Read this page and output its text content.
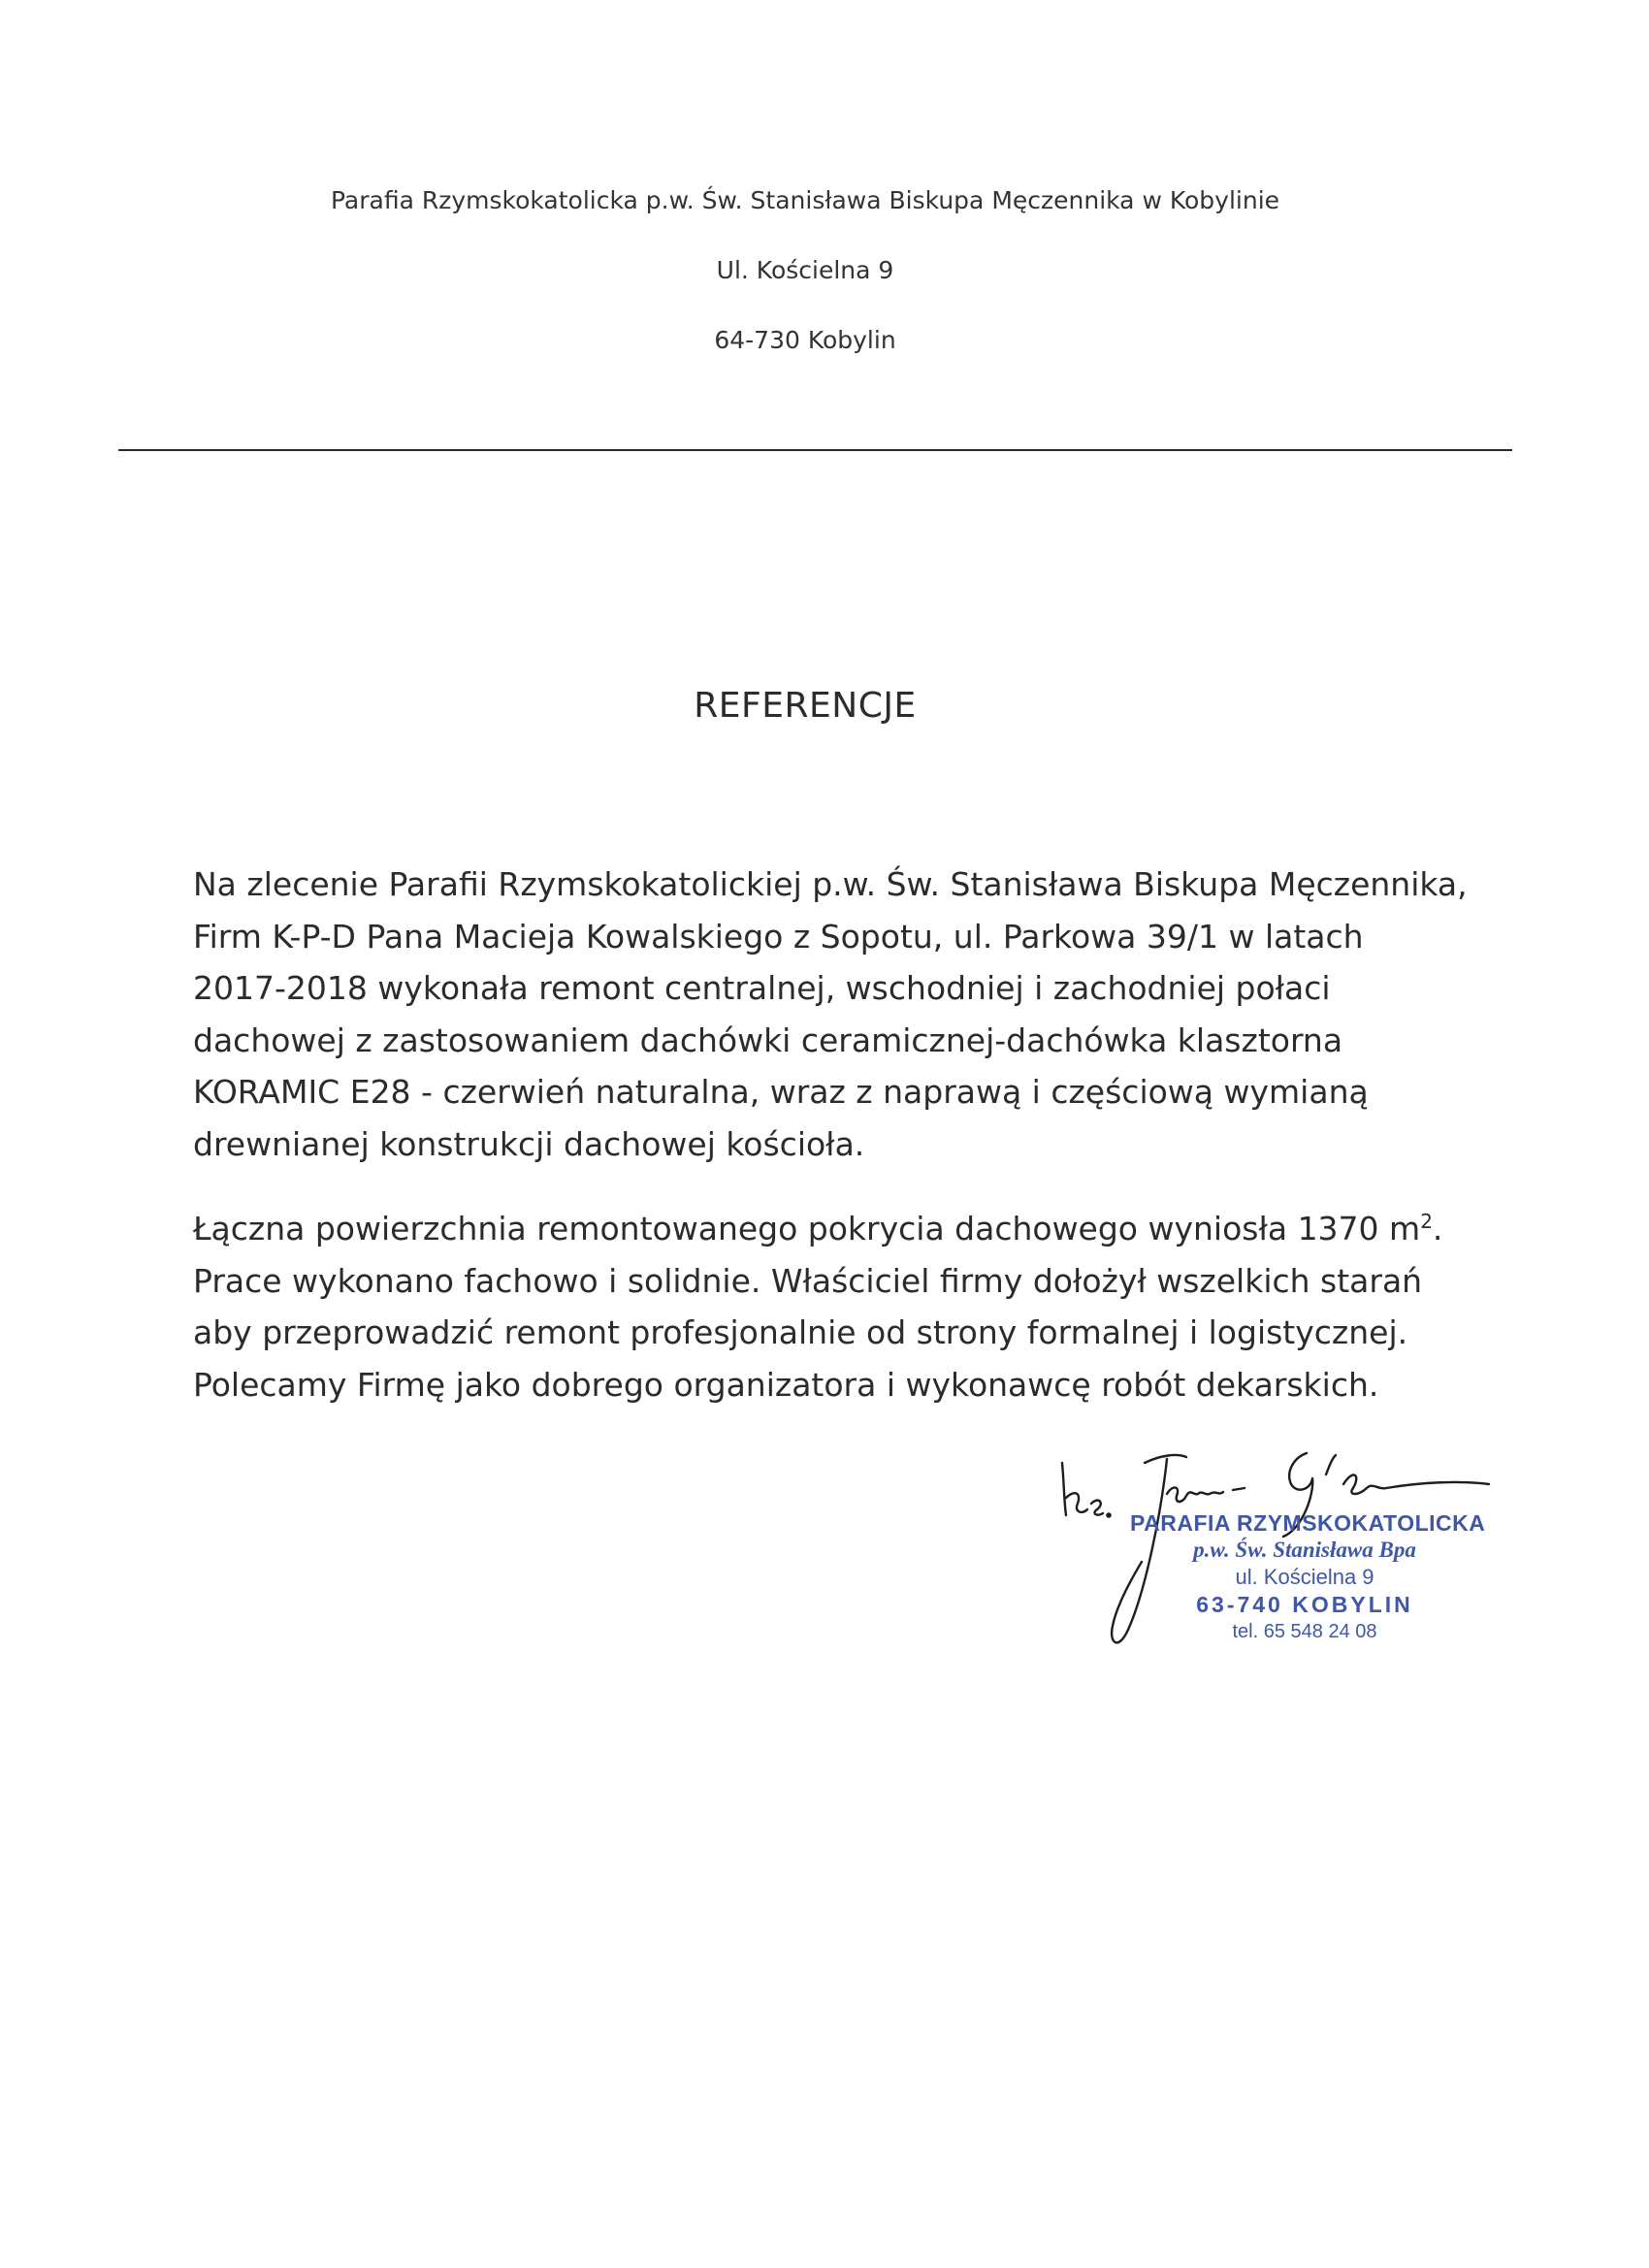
Parafia Rzymskokatolicka p.w. Św. Stanisława Biskupa Męczennika w Kobylinie
Ul. Kościelna 9
64-730 Kobylin
REFERENCJE
Na zlecenie Parafii Rzymskokatolickiej p.w. Św. Stanisława Biskupa Męczennika,
Firm K-P-D Pana Macieja Kowalskiego z Sopotu, ul. Parkowa 39/1 w latach
2017-2018 wykonała remont centralnej, wschodniej i zachodniej połaci
dachowej z zastosowaniem dachówki ceramicznej-dachówka klasztorna
KORAMIC E28 - czerwień naturalna, wraz z naprawą i częściową wymianą
drewnianej konstrukcji dachowej kościoła.
Łączna powierzchnia remontowanego pokrycia dachowego wyniosła 1370 $m^2$.
Prace wykonano fachowo i solidnie. Właściciel firmy dołożył wszelkich starań
aby przeprowadzić remont profesjonalnie od strony formalnej i logistycznej.
Polecamy Firmę jako dobrego organizatora i wykonawcę robót dekarskich.
PARAFIA RZYMSKOKATOLICKA
p.w. Św. Stanisława Bpa
ul. Kościelna 9
63-740 KOBYLIN
tel. 65 548 24 08
